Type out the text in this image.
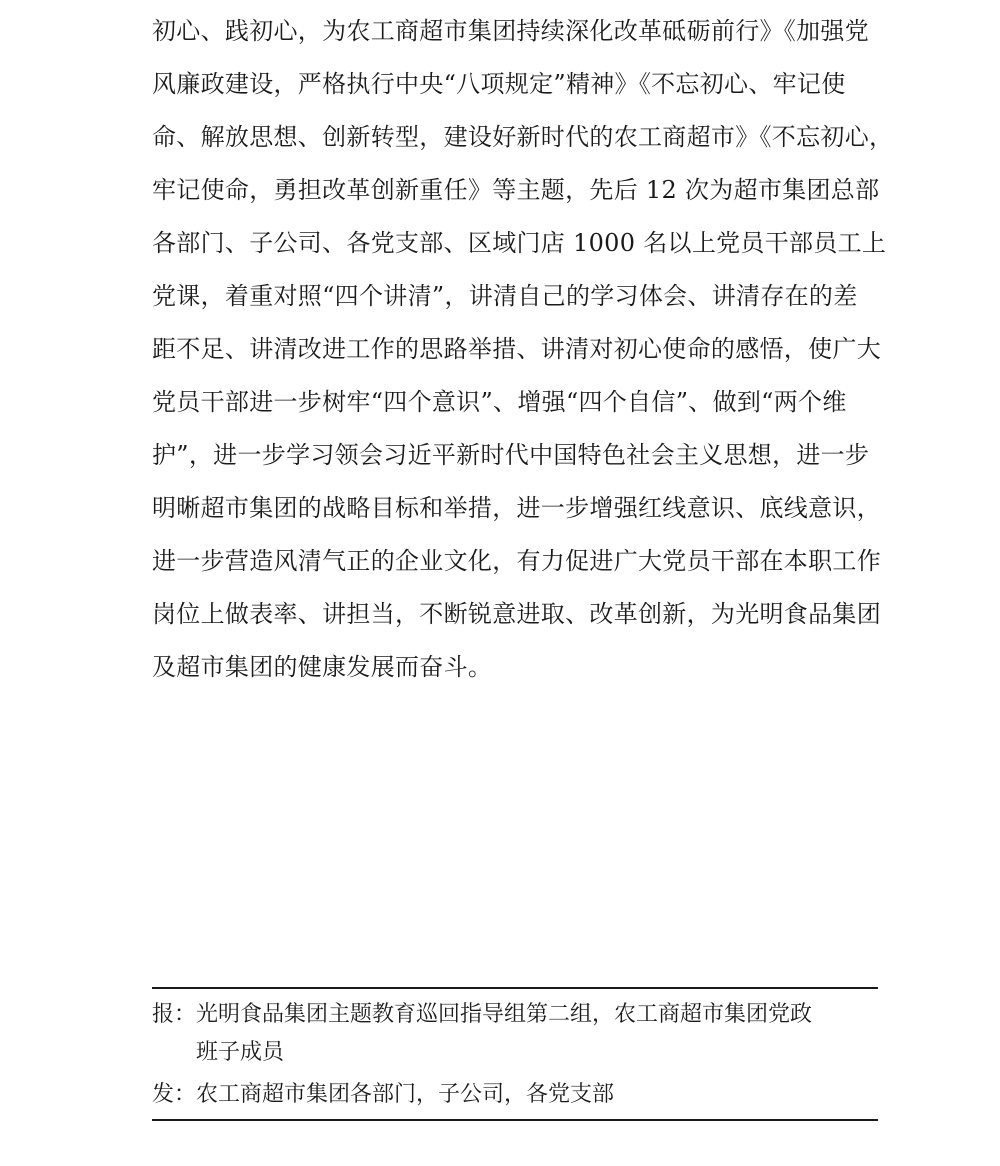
初心、践初心，为农工商超市集团持续深化改革砥砺前行》《加强党
风廉政建设，严格执行中央“八项规定”精神》《不忘初心、牢记使
命、解放思想、创新转型，建设好新时代的农工商超市》《不忘初心，
牢记使命，勇担改革创新重任》等主题，先后 12 次为超市集团总部
各部门、子公司、各党支部、区域门店 1000 名以上党员干部员工上
党课，着重对照“四个讲清”，讲清自己的学习体会、讲清存在的差
距不足、讲清改进工作的思路举措、讲清对初心使命的感悟，使广大
党员干部进一步树牢“四个意识”、增强“四个自信”、做到“两个维
护”，进一步学习领会习近平新时代中国特色社会主义思想，进一步
明晰超市集团的战略目标和举措，进一步增强红线意识、底线意识，
进一步营造风清气正的企业文化，有力促进广大党员干部在本职工作
岗位上做表率、讲担当，不断锐意进取、改革创新，为光明食品集团
及超市集团的健康发展而奋斗。
报：光明食品集团主题教育巡回指导组第二组，农工商超市集团党政
班子成员
发：农工商超市集团各部门，子公司，各党支部
